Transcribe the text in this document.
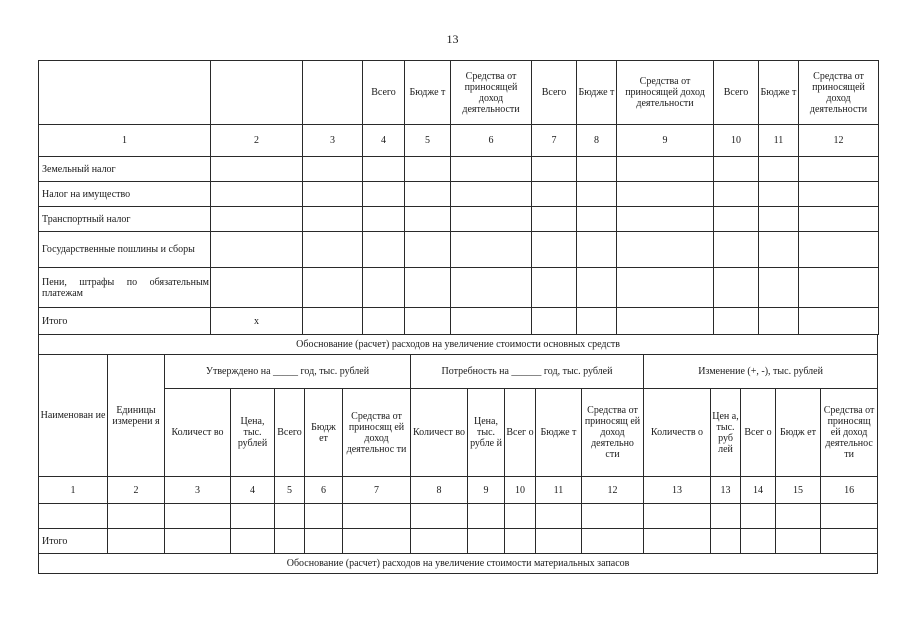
13
			Всего	Бюдже т	Средства от приносящей доход деятельности	Всего	Бюдже т	Средства от приносящей доход деятельности	Всего	Бюдже т	Средства от приносящей доход деятельности
1	2	3	4	5	6	7	8	9	10	11	12
Земельный налог											
Налог на имущество											
Транспортный налог											
Государственные пошлины и сборы											
Пени, штрафы по обязательным платежам											
Итого	x										
Обоснование (расчет) расходов на увеличение стоимости основных средств																
Наименован ие	Единицы измерени я	Утверждено на _____ год, тыс. рублей					Потребность на ______ год, тыс. рублей					Изменение (+, -), тыс. рублей				
		Количест во	Цена, тыс. рублей	Всего	Бюдж ет	Средства от приносящ ей доход деятельнос ти	Количест во	Цена, тыс. рубле й	Всег о	Бюдже т	Средства от приносящ ей доход деятельно сти	Количеств о	Цен а, тыс. руб лей	Всег о	Бюдж ет	Средства от приносящ ей доход деятельнос ти
1	2	3	4	5	6	7	8	9	10	11	12	13	13	14	15	16

Итого																
Обоснование (расчет) расходов на увеличение стоимости материальных запасов																
